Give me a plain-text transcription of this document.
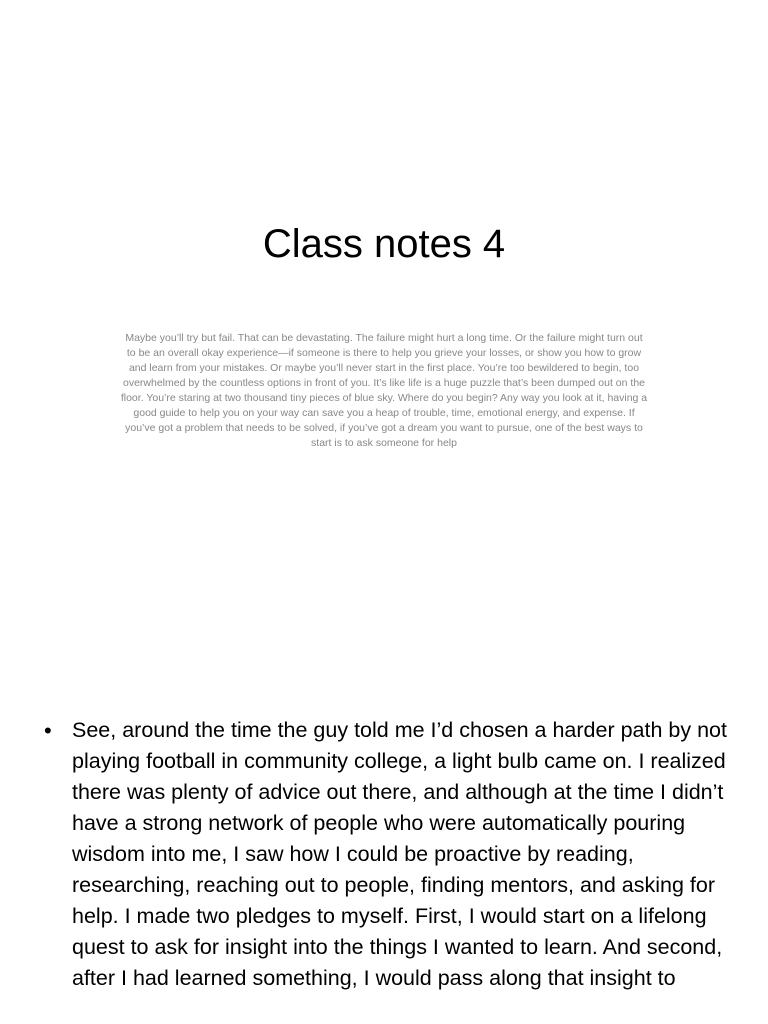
Class notes 4

Maybe you’ll try but fail. That can be devastating. The failure might hurt a long time. Or the failure might turn out to be an overall okay experience—if someone is there to help you grieve your losses, or show you how to grow and learn from your mistakes. Or maybe you’ll never start in the first place. You’re too bewildered to begin, too overwhelmed by the countless options in front of you. It’s like life is a huge puzzle that’s been dumped out on the floor. You’re staring at two thousand tiny pieces of blue sky. Where do you begin? Any way you look at it, having a good guide to help you on your way can save you a heap of trouble, time, emotional energy, and expense. If you’ve got a problem that needs to be solved, if you’ve got a dream you want to pursue, one of the best ways to start is to ask someone for help

• See, around the time the guy told me I’d chosen a harder path by not playing football in community college, a light bulb came on. I realized there was plenty of advice out there, and although at the time I didn’t have a strong network of people who were automatically pouring wisdom into me, I saw how I could be proactive by reading, researching, reaching out to people, finding mentors, and asking for help. I made two pledges to myself. First, I would start on a lifelong quest to ask for insight into the things I wanted to learn. And second, after I had learned something, I would pass along that insight to
